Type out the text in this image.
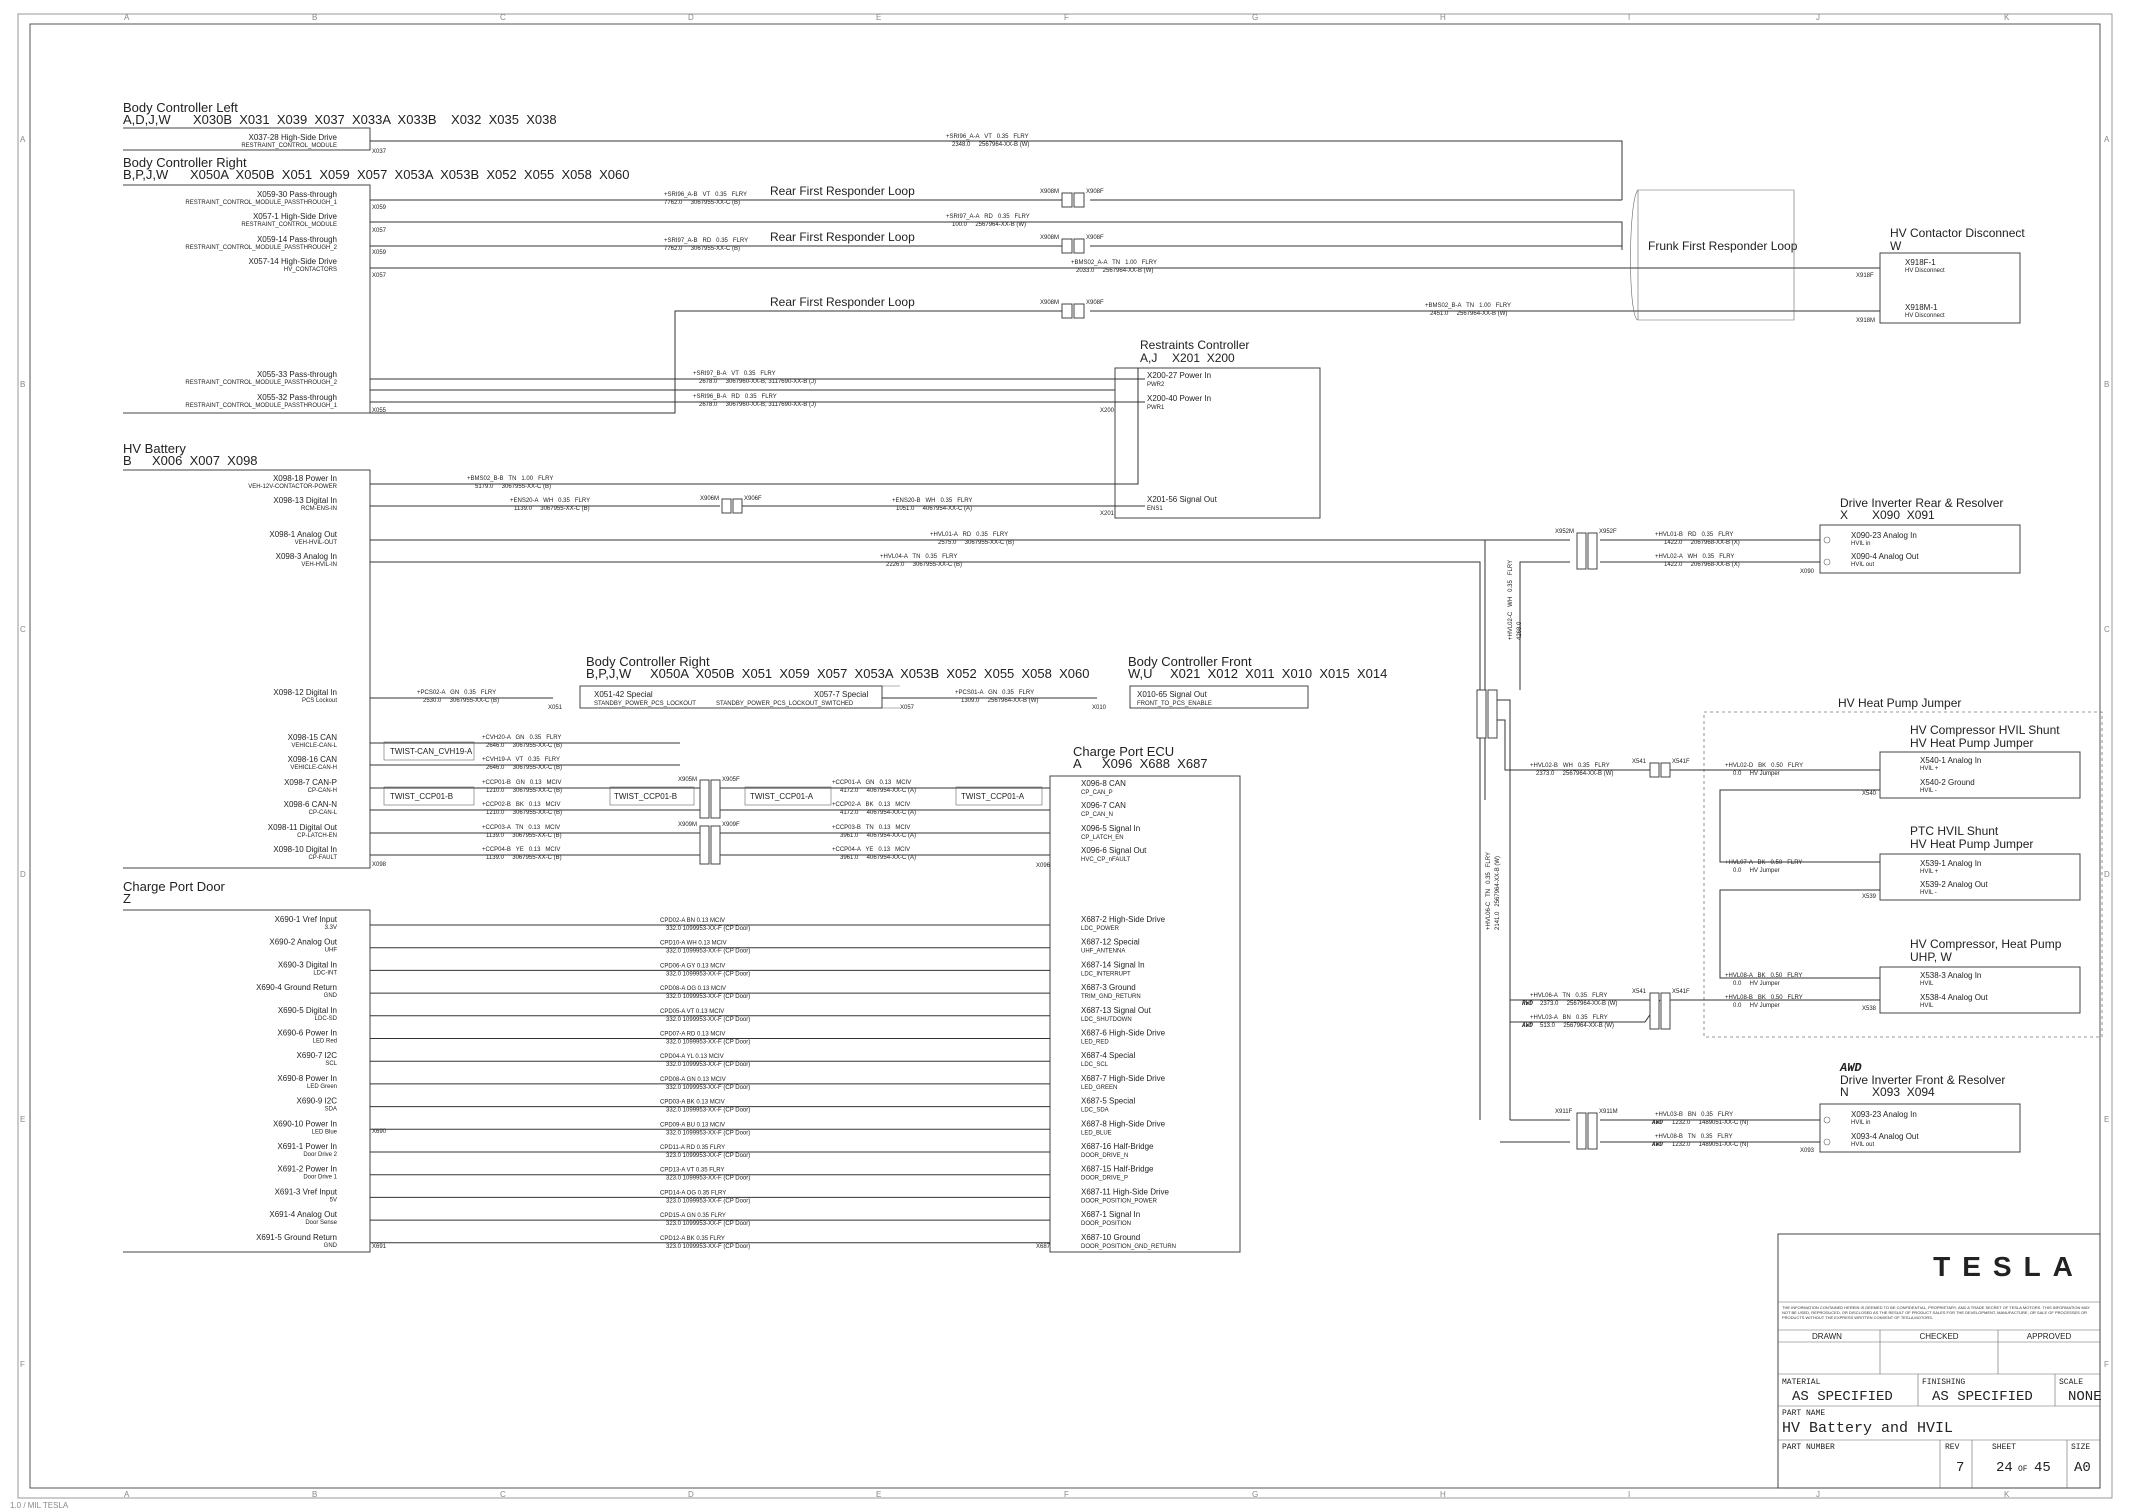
A
A
B
B
C
C
D
D
E
E
F
F
G
G
H
H
I
I
J
J
K
K
A	A
B	B
C	C
D	D
E	E
F	F
Body Controller Left
A,D,J,W X030B  X031  X039  X037  X033A  X033B    X032  X035  X038
X037-28 High-Side Drive
RESTRAINT_CONTROL_MODULE
X037
Body Controller Right
B,P,J,W X050A  X050B  X051  X059  X057  X053A  X053B  X052  X055  X058  X060
X059-30 Pass-through
RESTRAINT_CONTROL_MODULE_PASSTHROUGH_1
X057-1 High-Side Drive
RESTRAINT_CONTROL_MODULE
X059-14 Pass-through
RESTRAINT_CONTROL_MODULE_PASSTHROUGH_2
X057-14 High-Side Drive
HV_CONTACTORS
X055-33 Pass-through
RESTRAINT_CONTROL_MODULE_PASSTHROUGH_2
X055-32 Pass-through
RESTRAINT_CONTROL_MODULE_PASSTHROUGH_1
X059
X057
X059
X057
X055
+SRI96_A-A   VT   0.35   FLRY
2348.0     2567964-XX-B (W)
+SRI96_A-B   VT   0.35   FLRY
7762.0     3067955-XX-C (B)
+SRI97_A-A   RD   0.35   FLRY
100.0     2567964-XX-B (W)
+SRI97_A-B   RD   0.35   FLRY
7762.0     3067955-XX-C (B)
+BMS02_A-A   TN   1.00   FLRY
2033.0     2567964-XX-B (W)
+BMS02_B-A   TN   1.00   FLRY
2451.0     2567964-XX-B (W)
Rear First Responder Loop
Rear First Responder Loop
Rear First Responder Loop
X908M	X908F
X908M	X908F
X908M	X908F
Frunk First Responder Loop
HV Contactor Disconnect
W
X918F-1
HV Disconnect
X918M-1
HV Disconnect
X918F
X918M
Restraints Controller
A,J X201  X200
X200-27 Power In
PWR2
X200-40 Power In
PWR1
X201-56 Signal Out
ENS1
X200
X201
+SRI97_B-A   VT   0.35   FLRY
2678.0     3067960-XX-B, 3117690-XX-B (J)
+SRI96_B-A   RD   0.35   FLRY
2678.0     3067960-XX-B, 3117690-XX-B (J)
HV Battery
B X006  X007  X098
X098-18 Power In
VEH-12V-CONTACTOR-POWER
X098-13 Digital In
RCM-ENS-IN
X098-1 Analog Out
VEH-HVIL-OUT
X098-3 Analog In
VEH-HVIL-IN
X098-12 Digital In
PCS Lockout
X098-15 CAN
VEHICLE-CAN-L
X098-16 CAN
VEHICLE-CAN-H
X098-7 CAN-P
CP-CAN-H
X098-6 CAN-N
CP-CAN-L
X098-11 Digital Out
CP-LATCH-EN
X098-10 Digital In
CP-FAULT
X098
+BMS02_B-B   TN   1.00   FLRY
5179.0     3067955-XX-C (B)
+ENS20-A   WH   0.35   FLRY
1139.0     3067955-XX-C (B)
+ENS20-B   WH   0.35   FLRY
1051.0     4067954-XX-C (A)
+HVL01-A   RD   0.35   FLRY
2575.0     3067955-XX-C (B)
+HVL04-A   TN   0.35   FLRY
2226.0     3067955-XX-C (B)
+PCS02-A   GN   0.35   FLRY
2530.0     3067955-XX-C (B)
+PCS01-A   GN   0.35   FLRY
1309.0     2567964-XX-B (W)
+CVH20-A   GN   0.35   FLRY
2646.0     3067955-XX-C (B)
+CVH19-A   VT   0.35   FLRY
2646.0     3067955-XX-C (B)
+CCP01-B   GN   0.13   MCIV
1210.0     3067955-XX-C (B)
+CCP02-B   BK   0.13   MCIV
1210.0     3067955-XX-C (B)
+CCP03-A   TN   0.13   MCIV
1139.0     3067955-XX-C (B)
+CCP04-B   YE   0.13   MCIV
1139.0     3067955-XX-C (B)
+CCP01-A   GN   0.13   MCIV
4172.0     4067954-XX-C (A)
+CCP02-A   BK   0.13   MCIV
4172.0     4067954-XX-C (A)
+CCP03-B   TN   0.13   MCIV
3961.0     4067954-XX-C (A)
+CCP04-A   YE   0.13   MCIV
3961.0     4067954-XX-C (A)
TWIST-CAN_CVH19-A
TWIST_CCP01-B	TWIST_CCP01-B	TWIST_CCP01-A	TWIST_CCP01-A
X906M	X906F
X905M	X905F
X909M	X909F
Body Controller Right
B,P,J,W X050A  X050B  X051  X059  X057  X053A  X053B  X052  X055  X058  X060
X051-42 Special
STANDBY_POWER_PCS_LOCKOUT
X057-7 Special
STANDBY_POWER_PCS_LOCKOUT_SWITCHED
X051	X057
Body Controller Front
W,U X021  X012  X011  X010  X015  X014
X010-65 Signal Out
FRONT_TO_PCS_ENABLE
X010
Charge Port ECU
A X096  X688  X687
X096-8 CAN
CP_CAN_P
X096-7 CAN
CP_CAN_N
X096-5 Signal In
CP_LATCH_EN
X096-6 Signal Out
HVC_CP_nFAULT
X096
X687-2 High-Side Drive
LDC_POWER
X687-12 Special
UHF_ANTENNA
X687-14 Signal In
LDC_INTERRUPT
X687-3 Ground
TRIM_GND_RETURN
X687-13 Signal Out
LDC_SHUTDOWN
X687-6 High-Side Drive
LED_RED
X687-4 Special
LDC_SCL
X687-7 High-Side Drive
LED_GREEN
X687-5 Special
LDC_SDA
X687-8 High-Side Drive
LED_BLUE
X687-16 Half-Bridge
DOOR_DRIVE_N
X687-15 Half-Bridge
DOOR_DRIVE_P
X687-11 High-Side Drive
DOOR_POSITION_POWER
X687-1 Signal In
DOOR_POSITION
X687-10 Ground
DOOR_POSITION_GND_RETURN
Charge Port Door
Z
X690-1 Vref Input
3.3V
X690-2 Analog Out
UHF
X690-3 Digital In
LDC-INT
X690-4 Ground Return
GND
X690-5 Digital In
LDC-SD
X690-6 Power In
LED Red
X690-7 I2C
SCL
X690-8 Power In
LED Green
X690-9 I2C
SDA
X690-10 Power In
LED Blue
X691-1 Power In
Door Drive 2
X691-2 Power In
Door Drive 1
X691-3 Vref Input
5V
X691-4 Analog Out
Door Sense
X691-5 Ground Return
GND
CPD02-A BN 0.13 MCIV
332.0 1099953-XX-F (CP Door)
CPD10-A WH 0.13 MCIV
332.0 1099953-XX-F (CP Door)
CPD06-A GY 0.13 MCIV
332.0 1099953-XX-F (CP Door)
CPD08-A OG 0.13 MCIV
332.0 1099953-XX-F (CP Door)
CPD05-A VT 0.13 MCIV
332.0 1099953-XX-F (CP Door)
CPD07-A RD 0.13 MCIV
332.0 1099953-XX-F (CP Door)
CPD04-A YL 0.13 MCIV
332.0 1099953-XX-F (CP Door)
CPD08-A GN 0.13 MCIV
332.0 1099953-XX-F (CP Door)
CPD03-A BK 0.13 MCIV
332.0 1099953-XX-F (CP Door)
CPD09-A BU 0.13 MCIV
332.0 1099953-XX-F (CP Door)
CPD11-A RD 0.35 FLRY
323.0 1099953-XX-F (CP Door)
CPD13-A VT 0.35 FLRY
323.0 1099953-XX-F (CP Door)
CPD14-A OG 0.35 FLRY
323.0 1099953-XX-F (CP Door)
CPD15-A GN 0.35 FLRY
323.0 1099953-XX-F (CP Door)
CPD12-A BK 0.35 FLRY
323.0 1099953-XX-F (CP Door)
X690
X691	X687
Drive Inverter Rear & Resolver
X X090  X091
X090-23 Analog In
HVIL in
X090-4 Analog Out
HVIL out
X090
X952M	X952F	+HVL01-B   RD   0.35   FLRY
1422.0     2067968-XX-B (X)
+HVL02-A   WH   0.35   FLRY
1422.0     2067968-XX-B (X)
+HVL02-C   WH   0.35   FLRY 4268.0
+HVL06-C   TN   0.35   FLRY 2141.0   2567964-XX-B (W)
HV Heat Pump Jumper
HV Compressor HVIL Shunt
HV Heat Pump Jumper
X540-1 Analog In
HVIL +
X540-2 Ground
HVIL -
X540
PTC HVIL Shunt
HV Heat Pump Jumper
X539-1 Analog In
HVIL +
X539-2 Analog Out
HVIL -
X539
HV Compressor, Heat Pump
UHP, W
X538-3 Analog In
HVIL
X538-4 Analog Out
HVIL
X538
X541	X541F
+HVL02-B   WH   0.35   FLRY
2373.0     2567964-XX-B (W)
+HVL02-D   BK   0.50   FLRY
0.0     HV Jumper
+HVL07-A   BK   0.50   FLRY
0.0     HV Jumper
+HVL08-A   BK   0.50   FLRY
0.0     HV Jumper
+HVL08-B   BK   0.50   FLRY
0.0     HV Jumper
X541	X541F
+HVL06-A   TN   0.35   FLRY
RWD 2373.0     2567964-XX-B (W)
+HVL03-A   BN   0.35   FLRY
AWD 513.0     2567964-XX-B (W)
AWD
Drive Inverter Front & Resolver
N X093  X094
X093-23 Analog In
HVIL in
X093-4 Analog Out
HVIL out
X093
X911F	X911M	+HVL03-B   BN   0.35   FLRY
AWD 1232.0     1489051-XX-C (N)
+HVL08-B   TN   0.35   FLRY
AWD 1232.0     1489051-XX-C (N)
TESLA
THE INFORMATION CONTAINED HEREIN IS DEEMED TO BE CONFIDENTIAL, PROPRIETARY, AND A TRADE SECRET OF TESLA MOTORS. THIS INFORMATION MAY NOT BE USED, REPRODUCED, OR DISCLOSED AS THE RESULT OF PRODUCT SALES FOR THE DEVELOPMENT, MANUFACTURE, OR SALE OF PROCESSES OR PRODUCTS WITHOUT THE EXPRESS WRITTEN CONSENT OF TESLA MOTORS.
DRAWN	CHECKED	APPROVED
MATERIAL
AS SPECIFIED
FINISHING
AS SPECIFIED
SCALE
NONE
PART NAME
HV Battery and HVIL
PART NUMBER	REV
7
SHEET
24 OF 45
SIZE
A0
1.0 / MIL TESLA
